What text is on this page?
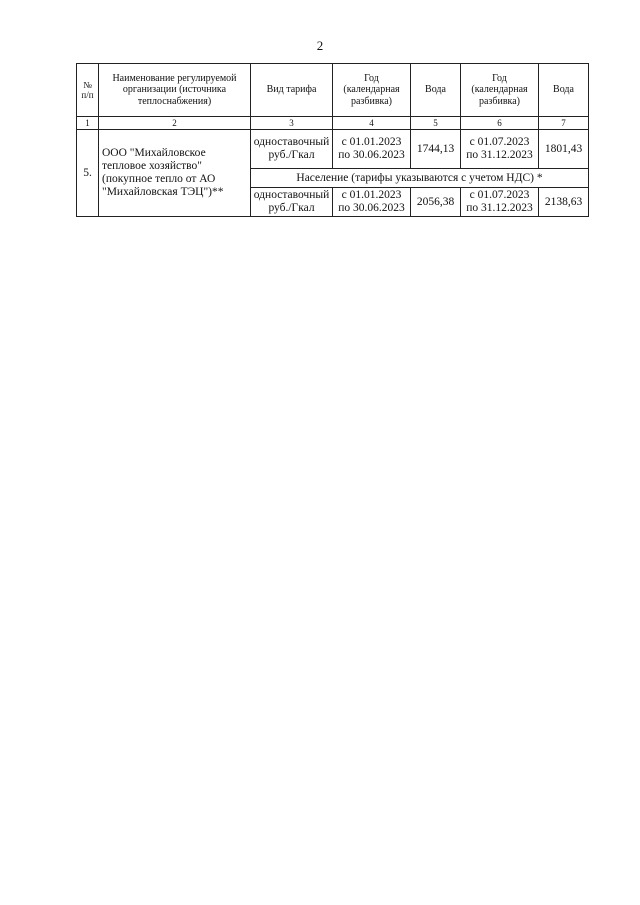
2
№ п/п	Наименование регулируемой организации (источника теплоснабжения)	Вид тарифа	Год (календарная разбивка)	Вода	Год (календарная разбивка)	Вода
1	2	3	4	5	6	7
5.	ООО "Михайловское тепловое хозяйство" (покупное тепло от АО "Михайловская ТЭЦ")**	одноставочный руб./Гкал	с 01.01.2023 по 30.06.2023	1744,13	с 01.07.2023 по 31.12.2023	1801,43
		Население (тарифы указываются с учетом НДС) *				
		одноставочный руб./Гкал	с 01.01.2023 по 30.06.2023	2056,38	с 01.07.2023 по 31.12.2023	2138,63
